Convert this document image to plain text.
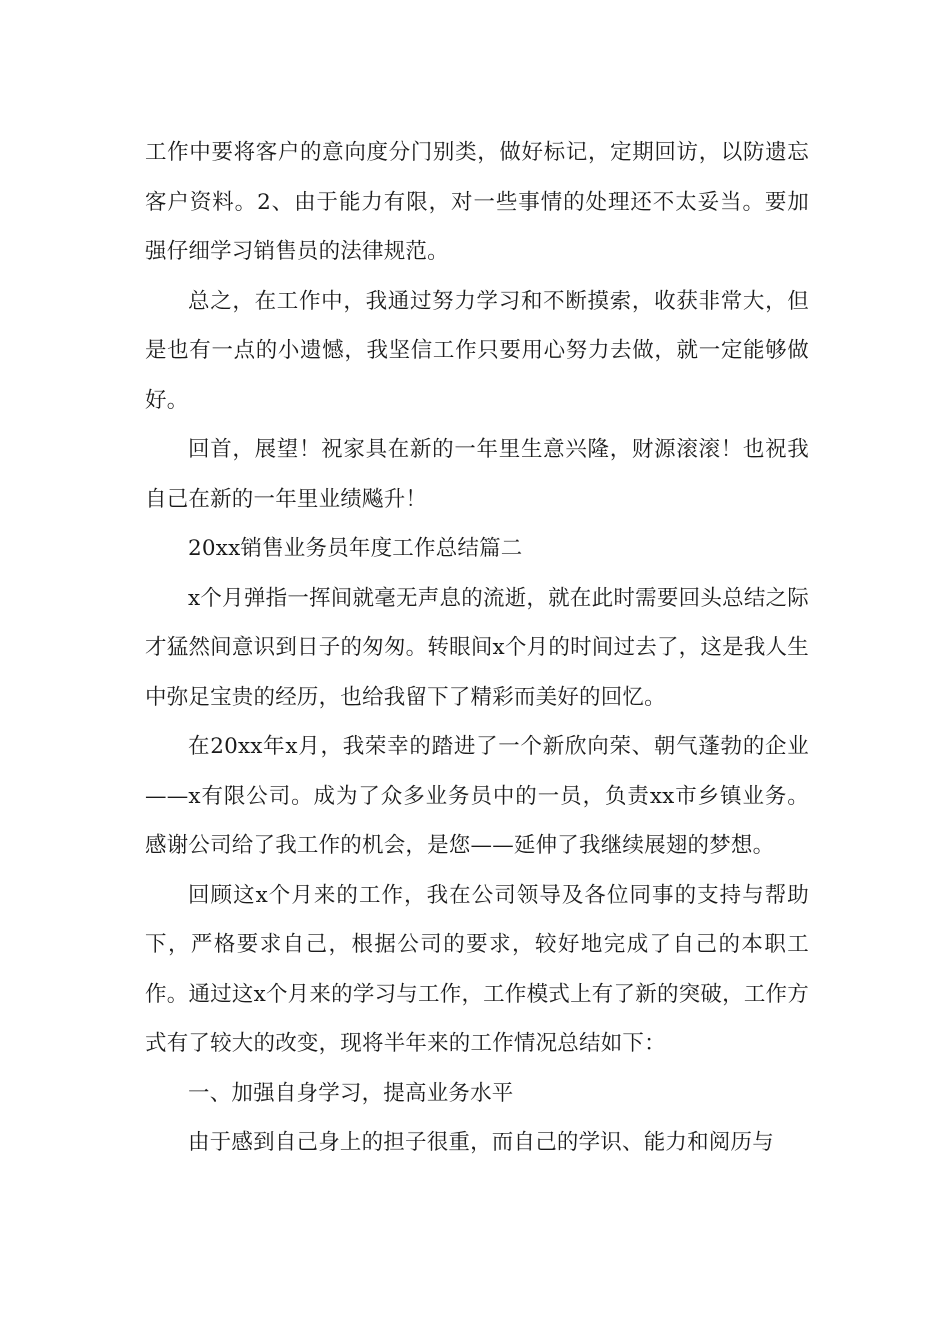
工作中要将客户的意向度分门别类，做好标记，定期回访，以防遗忘客户资料。2、由于能力有限，对一些事情的处理还不太妥当。要加强仔细学习销售员的法律规范。

总之，在工作中，我通过努力学习和不断摸索，收获非常大，但是也有一点的小遗憾，我坚信工作只要用心努力去做，就一定能够做好。

回首，展望！祝家具在新的一年里生意兴隆，财源滚滚！也祝我自己在新的一年里业绩飚升！

20xx销售业务员年度工作总结篇二

x个月弹指一挥间就毫无声息的流逝，就在此时需要回头总结之际才猛然间意识到日子的匆匆。转眼间x个月的时间过去了，这是我人生中弥足宝贵的经历，也给我留下了精彩而美好的回忆。

在20xx年x月，我荣幸的踏进了一个新欣向荣、朝气蓬勃的企业——x有限公司。成为了众多业务员中的一员，负责xx市乡镇业务。感谢公司给了我工作的机会，是您——延伸了我继续展翅的梦想。

回顾这x个月来的工作，我在公司领导及各位同事的支持与帮助下，严格要求自己，根据公司的要求，较好地完成了自己的本职工作。通过这x个月来的学习与工作，工作模式上有了新的突破，工作方式有了较大的改变，现将半年来的工作情况总结如下：

一、加强自身学习，提高业务水平

由于感到自己身上的担子很重，而自己的学识、能力和阅历与
